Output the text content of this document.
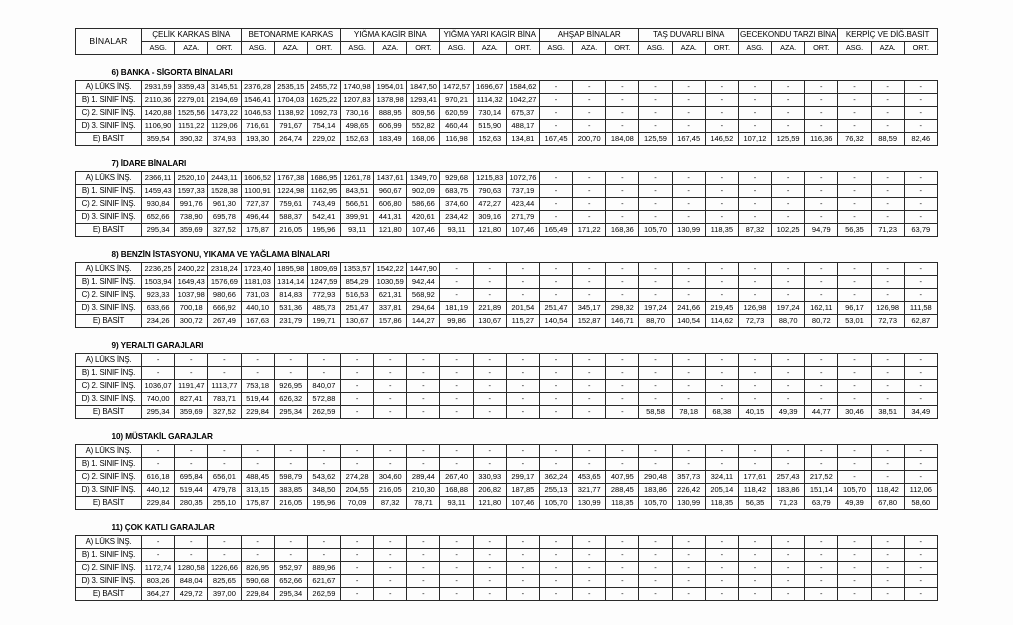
BİNALAR	ÇELİK KARKAS BİNA			BETONARME KARKAS			YIĞMA KAGİR BİNA			YIĞMA YARI KAGİR BİNA			AHŞAP BİNALAR			TAŞ DUVARLI BİNA			GECEKONDU TARZI BİNA			KERPİÇ VE DİĞ.BASİT		
	ASG.	AZA.	ORT.	ASG.	AZA.	ORT.	ASG.	AZA.	ORT.	ASG.	AZA.	ORT.	ASG.	AZA.	ORT.	ASG.	AZA.	ORT.	ASG.	AZA.	ORT.	ASG.	AZA.	ORT.

6) BANKA - SİGORTA BİNALARI																								
A) LÜKS İNŞ.	2931,59	3359,43	3145,51	2376,28	2535,15	2455,72	1740,98	1954,01	1847,50	1472,57	1696,67	1584,62	-	-	-	-	-	-	-	-	-	-	-	-
B) 1. SINIF İNŞ.	2110,36	2279,01	2194,69	1546,41	1704,03	1625,22	1207,83	1378,98	1293,41	970,21	1114,32	1042,27	-	-	-	-	-	-	-	-	-	-	-	-
C) 2. SINIF İNŞ.	1420,88	1525,56	1473,22	1046,53	1138,92	1092,73	730,16	888,95	809,56	620,59	730,14	675,37	-	-	-	-	-	-	-	-	-	-	-	-
D) 3. SINIF İNŞ.	1106,90	1151,22	1129,06	716,61	791,67	754,14	498,65	606,99	552,82	460,44	515,90	488,17	-	-	-	-	-	-	-	-	-	-	-	-
E) BASİT	359,54	390,32	374,93	193,30	264,74	229,02	152,63	183,49	168,06	116,98	152,63	134,81	167,45	200,70	184,08	125,59	167,45	146,52	107,12	125,59	116,36	76,32	88,59	82,46

7) İDARE BİNALARI																								
A) LÜKS İNŞ.	2366,11	2520,10	2443,11	1606,52	1767,38	1686,95	1261,78	1437,61	1349,70	929,68	1215,83	1072,76	-	-	-	-	-	-	-	-	-	-	-	-
B) 1. SINIF İNŞ.	1459,43	1597,33	1528,38	1100,91	1224,98	1162,95	843,51	960,67	902,09	683,75	790,63	737,19	-	-	-	-	-	-	-	-	-	-	-	-
C) 2. SINIF İNŞ.	930,84	991,76	961,30	727,37	759,61	743,49	566,51	606,80	586,66	374,60	472,27	423,44	-	-	-	-	-	-	-	-	-	-	-	-
D) 3. SINIF İNŞ.	652,66	738,90	695,78	496,44	588,37	542,41	399,91	441,31	420,61	234,42	309,16	271,79	-	-	-	-	-	-	-	-	-	-	-	-
E) BASİT	295,34	359,69	327,52	175,87	216,05	195,96	93,11	121,80	107,46	93,11	121,80	107,46	165,49	171,22	168,36	105,70	130,99	118,35	87,32	102,25	94,79	56,35	71,23	63,79

8) BENZİN İSTASYONU, YIKAMA VE YAĞLAMA BİNALARI																								
A) LÜKS İNŞ.	2236,25	2400,22	2318,24	1723,40	1895,98	1809,69	1353,57	1542,22	1447,90	-	-	-	-	-	-	-	-	-	-	-	-	-	-	-
B) 1. SINIF İNŞ.	1503,94	1649,43	1576,69	1181,03	1314,14	1247,59	854,29	1030,59	942,44	-	-	-	-	-	-	-	-	-	-	-	-	-	-	-
C) 2. SINIF İNŞ.	923,33	1037,98	980,66	731,03	814,83	772,93	516,53	621,31	568,92	-	-	-	-	-	-	-	-	-	-	-	-	-	-	-
D) 3. SINIF İNŞ.	633,66	700,18	666,92	440,10	531,36	485,73	251,47	337,81	294,64	181,19	221,89	201,54	251,47	345,17	298,32	197,24	241,66	219,45	126,98	197,24	162,11	96,17	126,98	111,58
E) BASİT	234,26	300,72	267,49	167,63	231,79	199,71	130,67	157,86	144,27	99,86	130,67	115,27	140,54	152,87	146,71	88,70	140,54	114,62	72,73	88,70	80,72	53,01	72,73	62,87

9) YERALTI GARAJLARI																								
A) LÜKS İNŞ.	-	-	-	-	-	-	-	-	-	-	-	-	-	-	-	-	-	-	-	-	-	-	-	-
B) 1. SINIF İNŞ.	-	-	-	-	-	-	-	-	-	-	-	-	-	-	-	-	-	-	-	-	-	-	-	-
C) 2. SINIF İNŞ.	1036,07	1191,47	1113,77	753,18	926,95	840,07	-	-	-	-	-	-	-	-	-	-	-	-	-	-	-	-	-	-
D) 3. SINIF İNŞ.	740,00	827,41	783,71	519,44	626,32	572,88	-	-	-	-	-	-	-	-	-	-	-	-	-	-	-	-	-	-
E) BASİT	295,34	359,69	327,52	229,84	295,34	262,59	-	-	-	-	-	-	-	-	-	58,58	78,18	68,38	40,15	49,39	44,77	30,46	38,51	34,49

10) MÜSTAKİL GARAJLAR																								
A) LÜKS İNŞ.	-	-	-	-	-	-	-	-	-	-	-	-	-	-	-	-	-	-	-	-	-	-	-	-
B) 1. SINIF İNŞ.	-	-	-	-	-	-	-	-	-	-	-	-	-	-	-	-	-	-	-	-	-	-	-	-
C) 2. SINIF İNŞ.	616,18	695,84	656,01	488,45	598,79	543,62	274,28	304,60	289,44	267,40	330,93	299,17	362,24	453,65	407,95	290,48	357,73	324,11	177,61	257,43	217,52	-	-	-
D) 3. SINIF İNŞ.	440,12	519,44	479,78	313,15	383,85	348,50	204,55	216,05	210,30	168,88	206,82	187,85	255,13	321,77	288,45	183,86	226,42	205,14	118,42	183,86	151,14	105,70	118,42	112,06
E) BASİT	229,84	280,35	255,10	175,87	216,05	195,96	70,09	87,32	78,71	93,11	121,80	107,46	105,70	130,99	118,35	105,70	130,99	118,35	56,35	71,23	63,79	49,39	67,80	58,60

11) ÇOK KATLI GARAJLAR																								
A) LÜKS İNŞ.	-	-	-	-	-	-	-	-	-	-	-	-	-	-	-	-	-	-	-	-	-	-	-	-
B) 1. SINIF İNŞ.	-	-	-	-	-	-	-	-	-	-	-	-	-	-	-	-	-	-	-	-	-	-	-	-
C) 2. SINIF İNŞ.	1172,74	1280,58	1226,66	826,95	952,97	889,96	-	-	-	-	-	-	-	-	-	-	-	-	-	-	-	-	-	-
D) 3. SINIF İNŞ.	803,26	848,04	825,65	590,68	652,66	621,67	-	-	-	-	-	-	-	-	-	-	-	-	-	-	-	-	-	-
E) BASİT	364,27	429,72	397,00	229,84	295,34	262,59	-	-	-	-	-	-	-	-	-	-	-	-	-	-	-	-	-	-
